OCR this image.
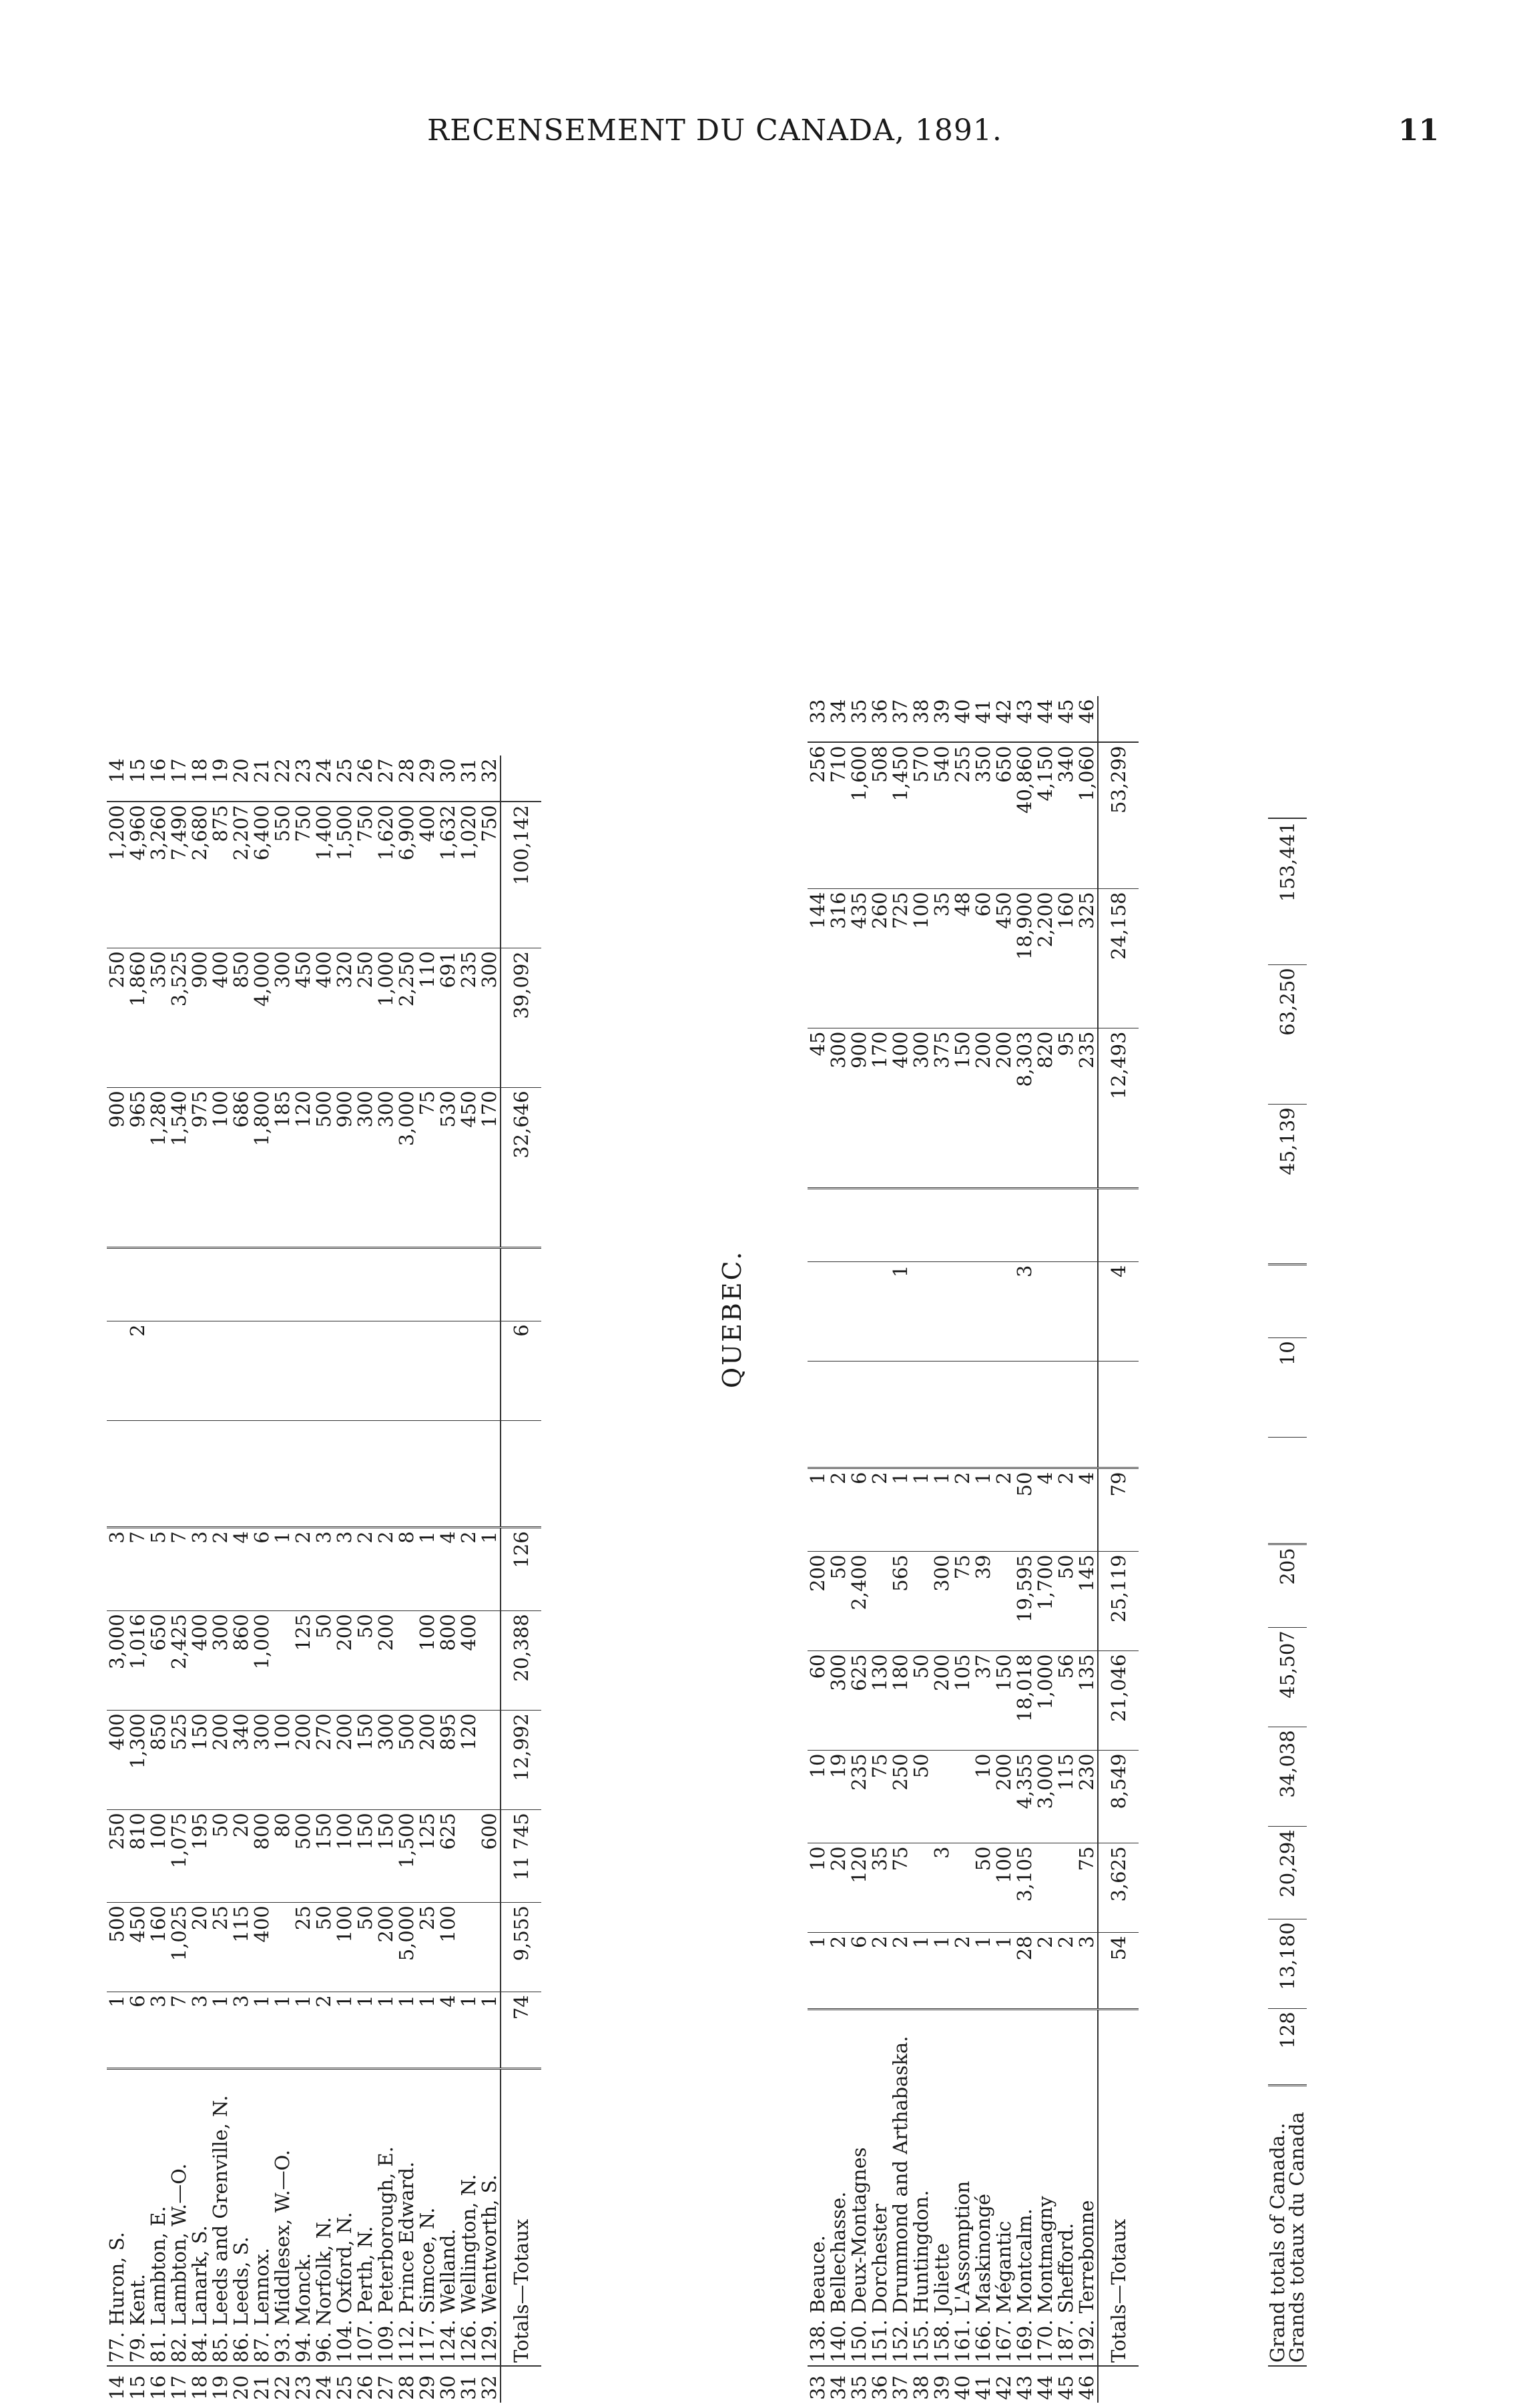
RECENSEMENT DU CANADA, 1891.	11
14	77. Huron, S.		1	500	250	400	3,000	3				900	250	1,200	14
15	79. Kent.		6	450	810	1,300	1,016	7		2		965	1,860	4,960	15
16	81. Lambton, E.		3	160	100	850	650	5				1,280	350	3,260	16
17	82. Lambton, W.—O.		7	1,025	1,075	525	2,425	7				1,540	3,525	7,490	17
18	84. Lanark, S.		3	20	195	150	400	3				975	900	2,680	18
19	85. Leeds and Grenville, N.		1	25	50	200	300	2				100	400	875	19
20	86. Leeds, S.		3	115	20	340	860	4				686	850	2,207	20
21	87. Lennox.		1	400	800	300	1,000	6				1,800	4,000	6,400	21
22	93. Middlesex, W.—O.		1		80	100		1				185	300	550	22
23	94. Monck.		1	25	500	200	125	2				120	450	750	23
24	96. Norfolk, N.		2	50	150	270	50	3				500	400	1,400	24
25	104. Oxford, N.		1	100	100	200	200	3				900	320	1,500	25
26	107. Perth, N.		1	50	150	150	50	2				300	250	750	26
27	109. Peterborough, E.		1	200	150	300	200	2				300	1,000	1,620	27
28	112. Prince Edward.		1	5,000	1,500	500		8				3,000	2,250	6,900	28
29	117. Simcoe, N.		1	25	125	200	100	1				75	110	400	29
30	124. Welland.		4	100	625	895	800	4				530	691	1,632	30
31	126. Wellington, N.		1			120	400	2				450	235	1,020	31
32	129. Wentworth, S.		1		600			1				170	300	750	32
	Totals—Totaux		74	9,555	11 745	12,992	20,388	126		6		32,646	39,092	100,142	
QUEBEC.
33	138. Beauce.		1	10	10	60	200	1				45	144	256	33
34	140. Bellechasse.		2	20	19	300	50	2				300	316	710	34
35	150. Deux-Montagnes		6	120	235	625	2,400	6				900	435	1,600	35
36	151. Dorchester		2	35	75	130		2				170	260	508	36
37	152. Drummond and Arthabaska.		2	75	250	180	565	1		1		400	725	1,450	37
38	155. Huntingdon.		1		50	50		1				300	100	570	38
39	158. Joliette		1	3		200	300	1				375	35	540	39
40	161. L'Assomption		2			105	75	2				150	48	255	40
41	166. Maskinongé		1	50	10	37	39	1				200	60	350	41
42	167. Mégantic		1	100	200	150		2				200	450	650	42
43	169. Montcalm.		28	3,105	4,355	18,018	19,595	50		3		8,303	18,900	40,860	43
44	170. Montmagny		2		3,000	1,000	1,700	4				820	2,200	4,150	44
45	187. Shefford.		2		115	56	50	2				95	160	340	45
46	192. Terrebonne		3	75	230	135	145	4				235	325	1,060	46
	Totals—Totaux		54	3,625	8,549	21,046	25,119	79		4		12,493	24,158	53,299	

Grand totals of Canada..
Grands totaux du Canada
		128	13,180	20,294	34,038	45,507	205		10		45,139	63,250	153,441	
